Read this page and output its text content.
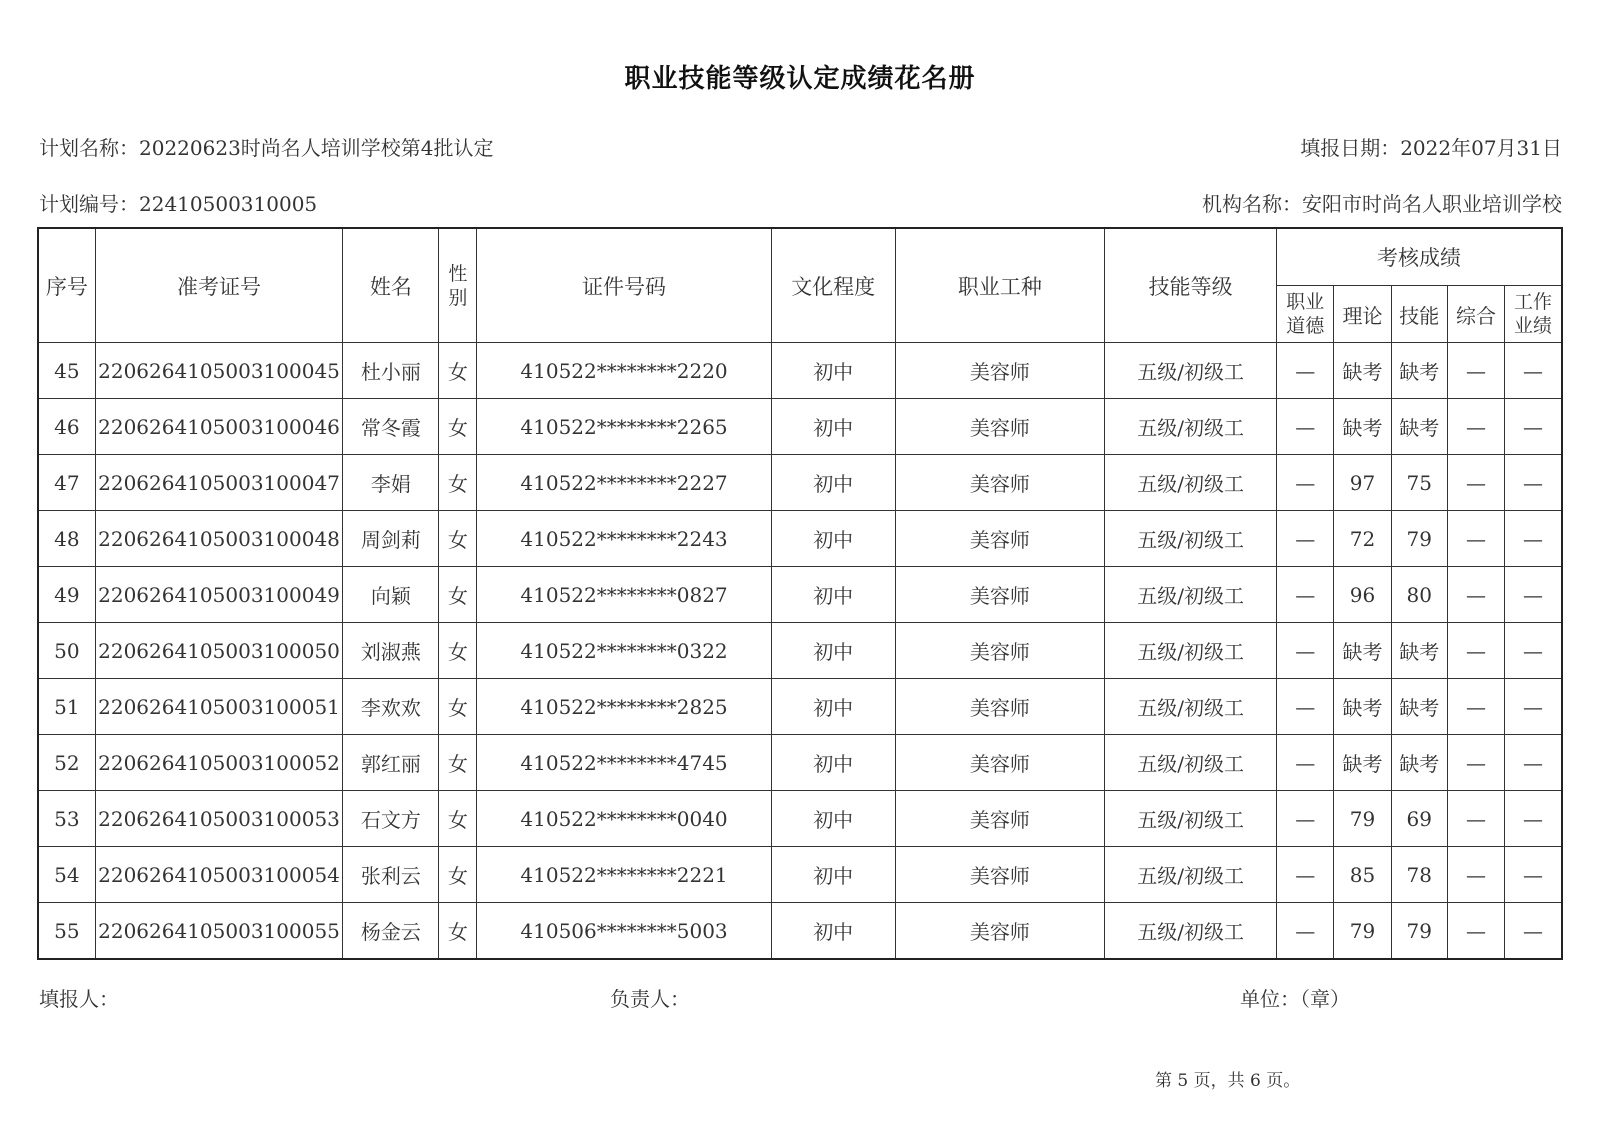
职业技能等级认定成绩花名册
计划名称：20220623时尚名人培训学校第4批认定	填报日期：2022年07月31日
计划编号：22410500310005	机构名称：安阳市时尚名人职业培训学校
序号	准考证号	姓名	性别	证件号码	文化程度	职业工种	技能等级	考核成绩				
								职业道德	理论	技能	综合	工作业绩
45	2206264105003100045	杜小丽	女	410522********2220	初中	美容师	五级/初级工	—	缺考	缺考	—	—
46	2206264105003100046	常冬霞	女	410522********2265	初中	美容师	五级/初级工	—	缺考	缺考	—	—
47	2206264105003100047	李娟	女	410522********2227	初中	美容师	五级/初级工	—	97	75	—	—
48	2206264105003100048	周剑莉	女	410522********2243	初中	美容师	五级/初级工	—	72	79	—	—
49	2206264105003100049	向颖	女	410522********0827	初中	美容师	五级/初级工	—	96	80	—	—
50	2206264105003100050	刘淑燕	女	410522********0322	初中	美容师	五级/初级工	—	缺考	缺考	—	—
51	2206264105003100051	李欢欢	女	410522********2825	初中	美容师	五级/初级工	—	缺考	缺考	—	—
52	2206264105003100052	郭红丽	女	410522********4745	初中	美容师	五级/初级工	—	缺考	缺考	—	—
53	2206264105003100053	石文方	女	410522********0040	初中	美容师	五级/初级工	—	79	69	—	—
54	2206264105003100054	张利云	女	410522********2221	初中	美容师	五级/初级工	—	85	78	—	—
55	2206264105003100055	杨金云	女	410506********5003	初中	美容师	五级/初级工	—	79	79	—	—
填报人：	负责人：	单位：（章）
第 5 页，共 6 页。
